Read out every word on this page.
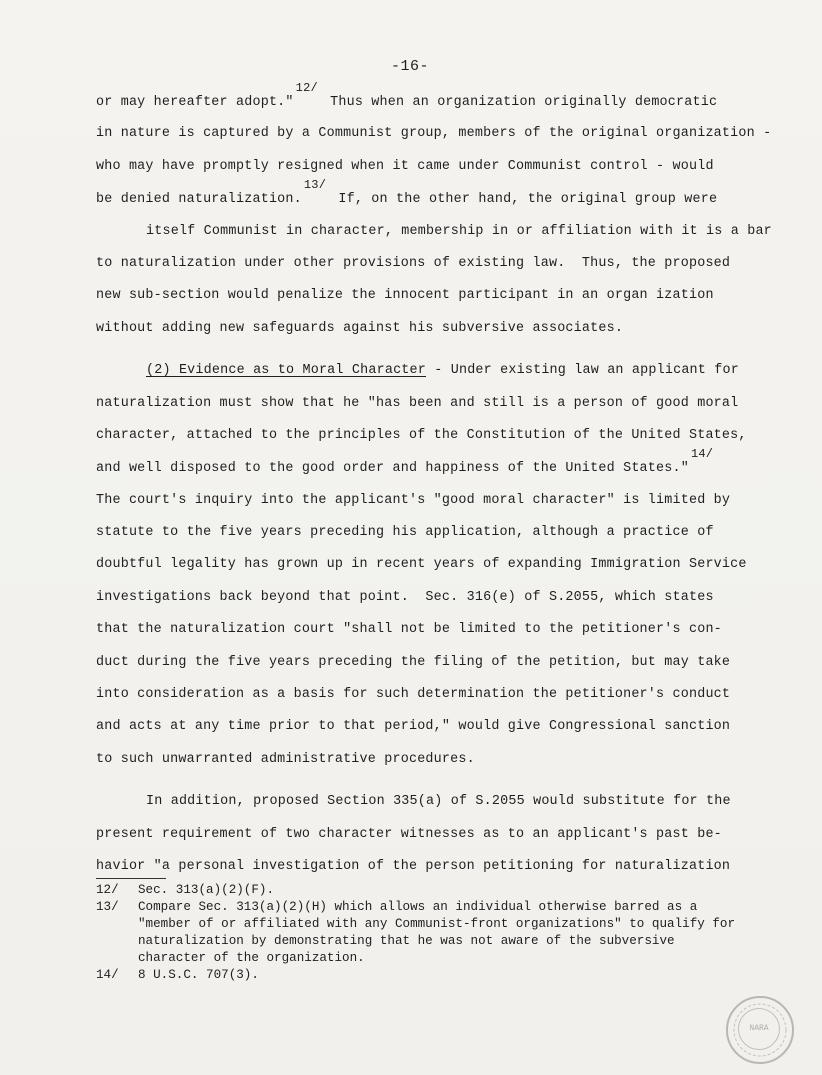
-16-
or may hereafter adopt."12/ Thus when an organization originally democratic
in nature is captured by a Communist group, members of the original organization -
who may have promptly resigned when it came under Communist control - would
be denied naturalization.13/ If, on the other hand, the original group were
itself Communist in character, membership in or affiliation with it is a bar
to naturalization under other provisions of existing law.  Thus, the proposed
new sub-section would penalize the innocent participant in an organ ization
without adding new safeguards against his subversive associates.
(2) Evidence as to Moral Character - Under existing law an applicant for
naturalization must show that he "has been and still is a person of good moral
character, attached to the principles of the Constitution of the United States,
and well disposed to the good order and happiness of the United States."14/
The court's inquiry into the applicant's "good moral character" is limited by
statute to the five years preceding his application, although a practice of
doubtful legality has grown up in recent years of expanding Immigration Service
investigations back beyond that point.  Sec. 316(e) of S.2055, which states
that the naturalization court "shall not be limited to the petitioner's con-
duct during the five years preceding the filing of the petition, but may take
into consideration as a basis for such determination the petitioner's conduct
and acts at any time prior to that period," would give Congressional sanction
to such unwarranted administrative procedures.
In addition, proposed Section 335(a) of S.2055 would substitute for the
present requirement of two character witnesses as to an applicant's past be-
havior "a personal investigation of the person petitioning for naturalization
12/	Sec. 313(a)(2)(F).
13/	Compare Sec. 313(a)(2)(H) which allows an individual otherwise barred as a "member of or affiliated with any Communist-front organizations" to qualify for naturalization by demonstrating that he was not aware of the subversive character of the organization.
14/	8 U.S.C. 707(3).
NARA
